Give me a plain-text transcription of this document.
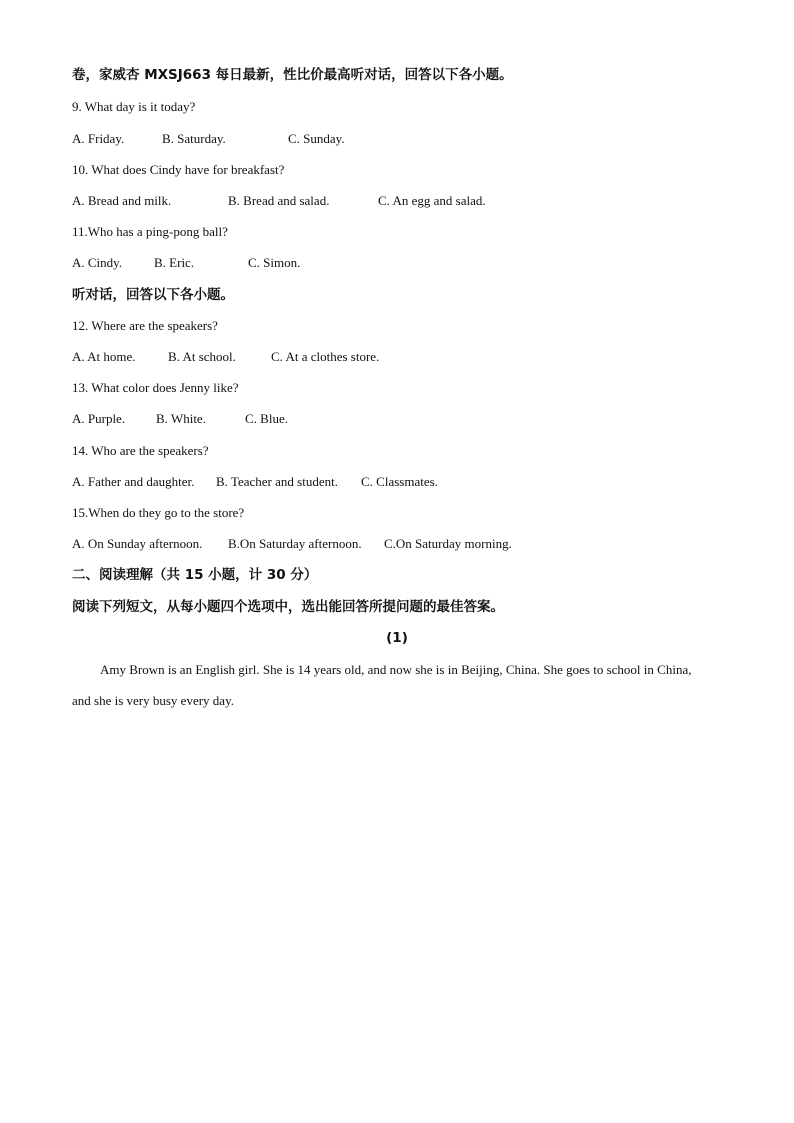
卷，家威杏 MXSJ663 每日最新，性比价最高听对话，回答以下各小题。
9. What day is it today?
A. Friday.	B. Saturday.	C. Sunday.
10. What does Cindy have for breakfast?
A. Bread and milk.	B. Bread and salad.	C. An egg and salad.
11.Who has a ping-pong ball?
A. Cindy. B. Eric.	C. Simon.
听对话，回答以下各小题。
12. Where are the speakers?
A. At home. B. At school.	C. At a clothes store.
13. What color does Jenny like?
A. Purple. B. White.	C. Blue.
14. Who are the speakers?
A. Father and daughter. B. Teacher and student. C. Classmates.
15.When do they go to the store?
A. On Sunday afternoon. B.On Saturday afternoon. C.On Saturday morning.
二、阅读理解（共 15 小题，计 30 分）
阅读下列短文，从每小题四个选项中，选出能回答所提问题的最佳答案。
(1)
Amy Brown is an English girl. She is 14 years old, and now she is in Beijing, China. She goes to school in China, and she is very busy every day.
